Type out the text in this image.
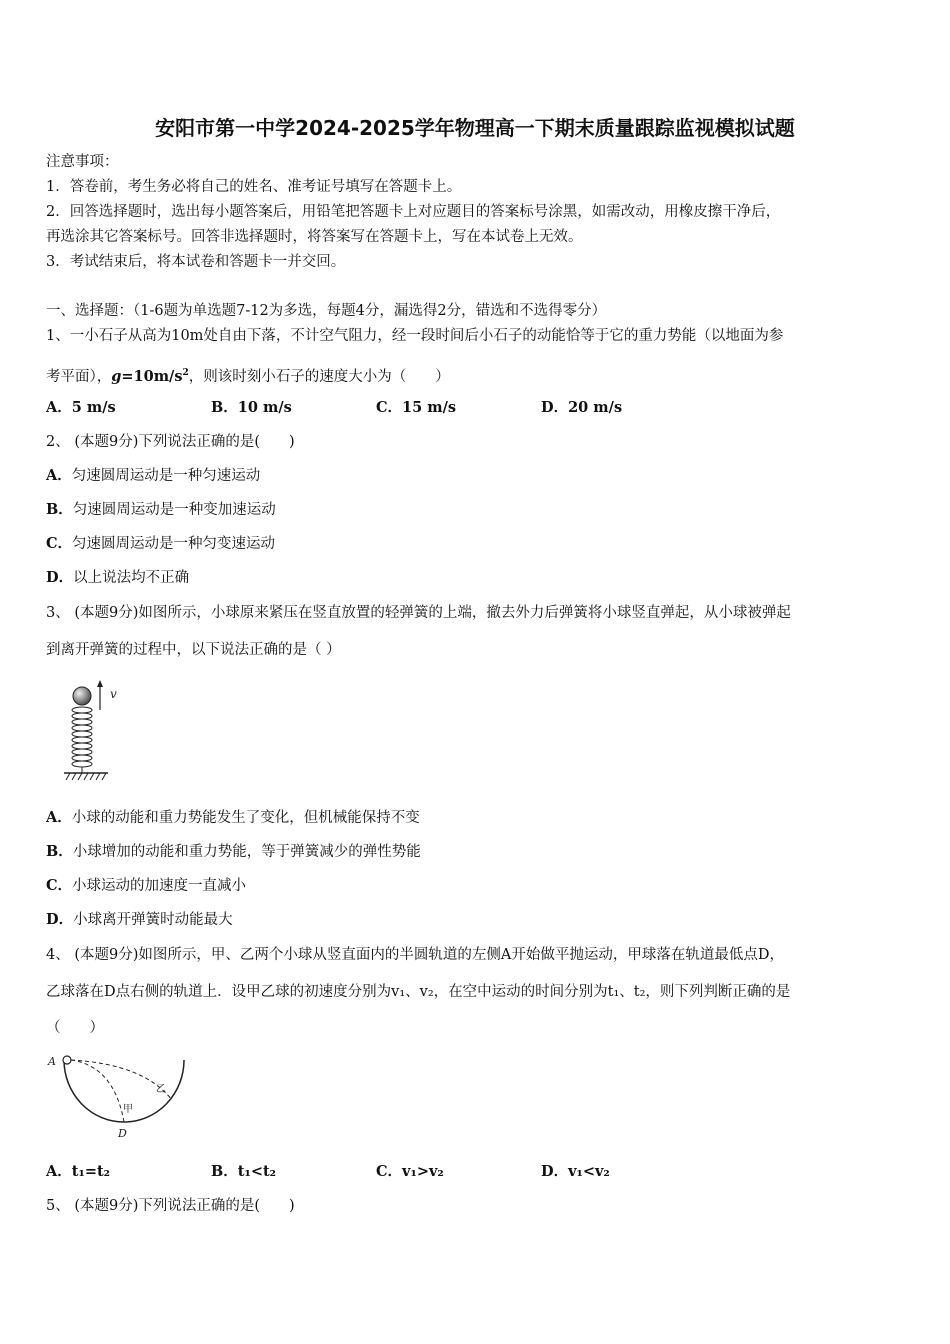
安阳市第一中学2024-2025学年物理高一下期末质量跟踪监视模拟试题
注意事项：
1．答卷前，考生务必将自己的姓名、准考证号填写在答题卡上。
2．回答选择题时，选出每小题答案后，用铅笔把答题卡上对应题目的答案标号涂黑，如需改动，用橡皮擦干净后，
再选涂其它答案标号。回答非选择题时，将答案写在答题卡上，写在本试卷上无效。
3．考试结束后，将本试卷和答题卡一并交回。
一、选择题：（1-6题为单选题7-12为多选，每题4分，漏选得2分，错选和不选得零分）
1、一小石子从高为10m处自由下落，不计空气阻力，经一段时间后小石子的动能恰等于它的重力势能（以地面为参
考平面），$g=10m/s^2$，则该时刻小石子的速度大小为（　　）
A．5 m/s	B．10 m/s	C．15 m/s	D．20 m/s
2、 (本题9分)下列说法正确的是(　　)
A．匀速圆周运动是一种匀速运动
B．匀速圆周运动是一种变加速运动
C．匀速圆周运动是一种匀变速运动
D．以上说法均不正确
3、 (本题9分)如图所示，小球原来紧压在竖直放置的轻弹簧的上端，撤去外力后弹簧将小球竖直弹起，从小球被弹起
到离开弹簧的过程中，以下说法正确的是（ ）
v
A．小球的动能和重力势能发生了变化，但机械能保持不变
B．小球增加的动能和重力势能，等于弹簧减少的弹性势能
C．小球运动的加速度一直减小
D．小球离开弹簧时动能最大
4、 (本题9分)如图所示，甲、乙两个小球从竖直面内的半圆轨道的左侧A开始做平抛运动，甲球落在轨道最低点D，
乙球落在D点右侧的轨道上．设甲乙球的初速度分别为v₁、v₂，在空中运动的时间分别为t₁、t₂，则下列判断正确的是
（　　）
A
D
甲
乙
A．t₁=t₂	B．t₁<t₂	C．v₁>v₂	D．v₁<v₂
5、 (本题9分)下列说法正确的是(　　)
